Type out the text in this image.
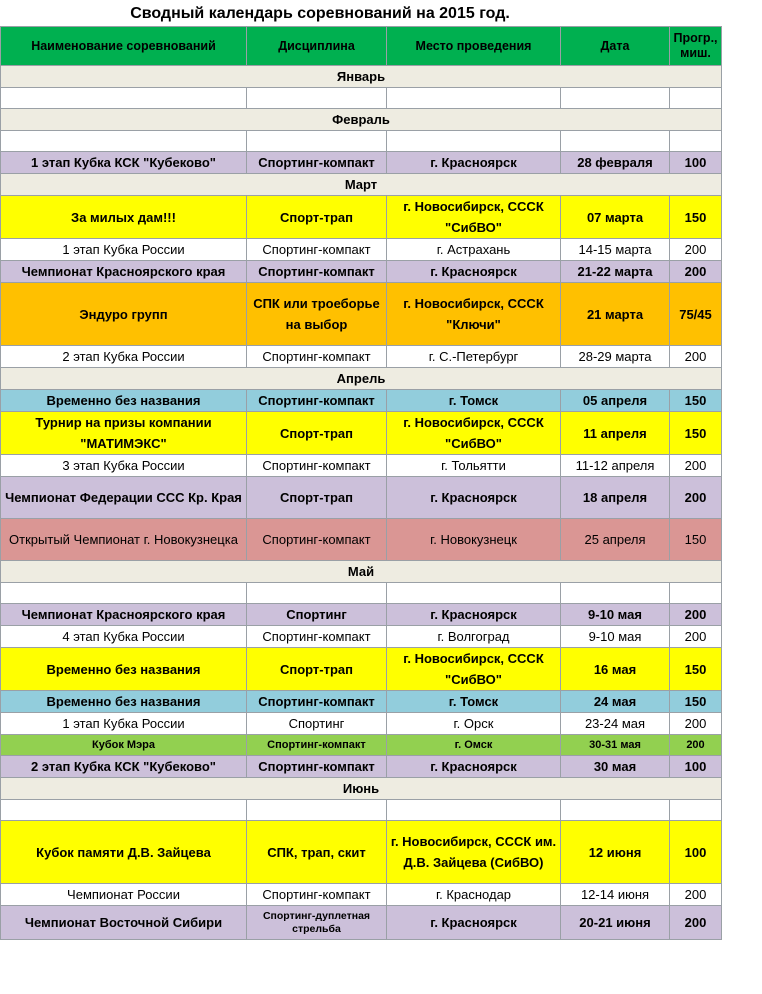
Сводный календарь соревнований на 2015 год.
Наименование соревнований	Дисциплина	Место проведения	Дата	Прогр., миш.
Январь				

Февраль				

1 этап Кубка КСК "Кубеково"	Спортинг-компакт	г. Красноярск	28 февраля	100
Март				
За милых дам!!!	Спорт-трап	г. Новосибирск, СССК "СибВО"	07 марта	150
1 этап Кубка России	Спортинг-компакт	г. Астрахань	14-15 марта	200
Чемпионат Красноярского края	Спортинг-компакт	г. Красноярск	21-22 марта	200
Эндуро групп	СПК или троеборье на выбор	г. Новосибирск, СССК "Ключи"	21 марта	75/45
2 этап Кубка России	Спортинг-компакт	г. С.-Петербург	28-29 марта	200
Апрель				
Временно без названия	Спортинг-компакт	г. Томск	05 апреля	150
Турнир на призы компании "МАТИМЭКС"	Спорт-трап	г. Новосибирск, СССК "СибВО"	11 апреля	150
3 этап Кубка России	Спортинг-компакт	г. Тольятти	11-12 апреля	200
Чемпионат Федерации ССС Кр. Края	Спорт-трап	г. Красноярск	18 апреля	200
Открытый Чемпионат г. Новокузнецка	Спортинг-компакт	г. Новокузнецк	25 апреля	150
Май				

Чемпионат Красноярского края	Спортинг	г. Красноярск	9-10 мая	200
4 этап Кубка России	Спортинг-компакт	г. Волгоград	9-10 мая	200
Временно без названия	Спорт-трап	г. Новосибирск, СССК "СибВО"	16 мая	150
Временно без названия	Спортинг-компакт	г. Томск	24 мая	150
1 этап Кубка России	Спортинг	г. Орск	23-24 мая	200
Кубок Мэра	Спортинг-компакт	г. Омск	30-31 мая	200
2 этап Кубка КСК "Кубеково"	Спортинг-компакт	г. Красноярск	30 мая	100
Июнь				

Кубок памяти Д.В. Зайцева	СПК, трап, скит	г. Новосибирск, СССК им. Д.В. Зайцева (СибВО)	12 июня	100
Чемпионат России	Спортинг-компакт	г. Краснодар	12-14 июня	200
Чемпионат Восточной Сибири	Спортинг-дуплетная стрельба	г. Красноярск	20-21 июня	200
